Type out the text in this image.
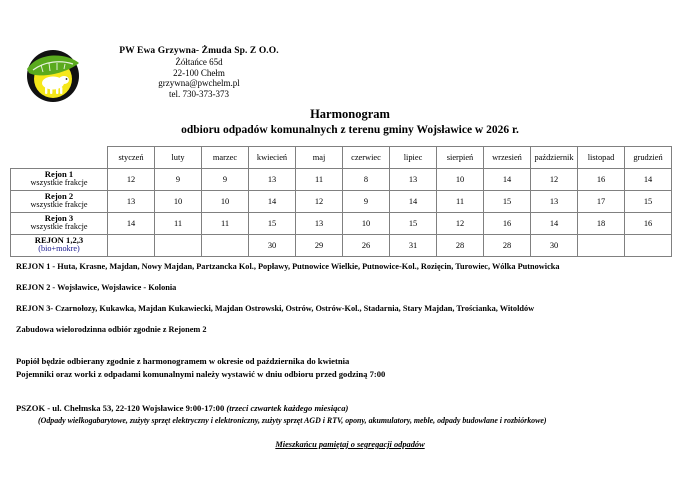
PW Ewa Grzywna- Żmuda Sp. Z O.O.
Żółtańce 65d
22-100 Chełm
grzywna@pwchelm.pl
tel. 730-373-373
Harmonogram
odbioru odpadów komunalnych z terenu gminy Wojsławice w 2026 r.
	styczeń	luty	marzec	kwiecień	maj	czerwiec	lipiec	sierpień	wrzesień	październik	listopad	grudzień

Rejon 1
wszystkie frakcje	12	9	9	13	11	8	13	10	14	12	16	14

Rejon 2
wszystkie frakcje	13	10	10	14	12	9	14	11	15	13	17	15

Rejon 3
wszystkie frakcje	14	11	11	15	13	10	15	12	16	14	18	16

REJON 1,2,3
(bio+mokre)				30	29	26	31	28	28	30		
REJON 1 - Huta, Krasne, Majdan, Nowy Majdan, Partzancka Kol., Popławy, Putnowice Wielkie, Putnowice-Kol., Rozięcin, Turowiec, Wólka Putnowicka
REJON 2 - Wojsławice, Wojsławice - Kolonia
REJON 3- Czarnołozy, Kukawka, Majdan Kukawiecki, Majdan Ostrowski, Ostrów, Ostrów-Kol., Stadarnia, Stary Majdan, Trościanka, Witoldów
Zabudowa wielorodzinna odbiór zgodnie z Rejonem 2
Popiół będzie odbierany zgodnie z harmonogramem w okresie od października do kwietnia
Pojemniki oraz worki z odpadami komunalnymi należy wystawić w dniu odbioru przed godziną 7:00
PSZOK - ul. Chełmska 53, 22-120 Wojsławice 9:00-17:00 (trzeci czwartek każdego miesiąca)
(Odpady wielkogabarytowe, zużyty sprzęt elektryczny i elektroniczny, zużyty sprzęt AGD i RTV, opony, akumulatory, meble, odpady budowlane i rozbiórkowe)
Mieszkańcu pamiętaj o segregacji odpadów
